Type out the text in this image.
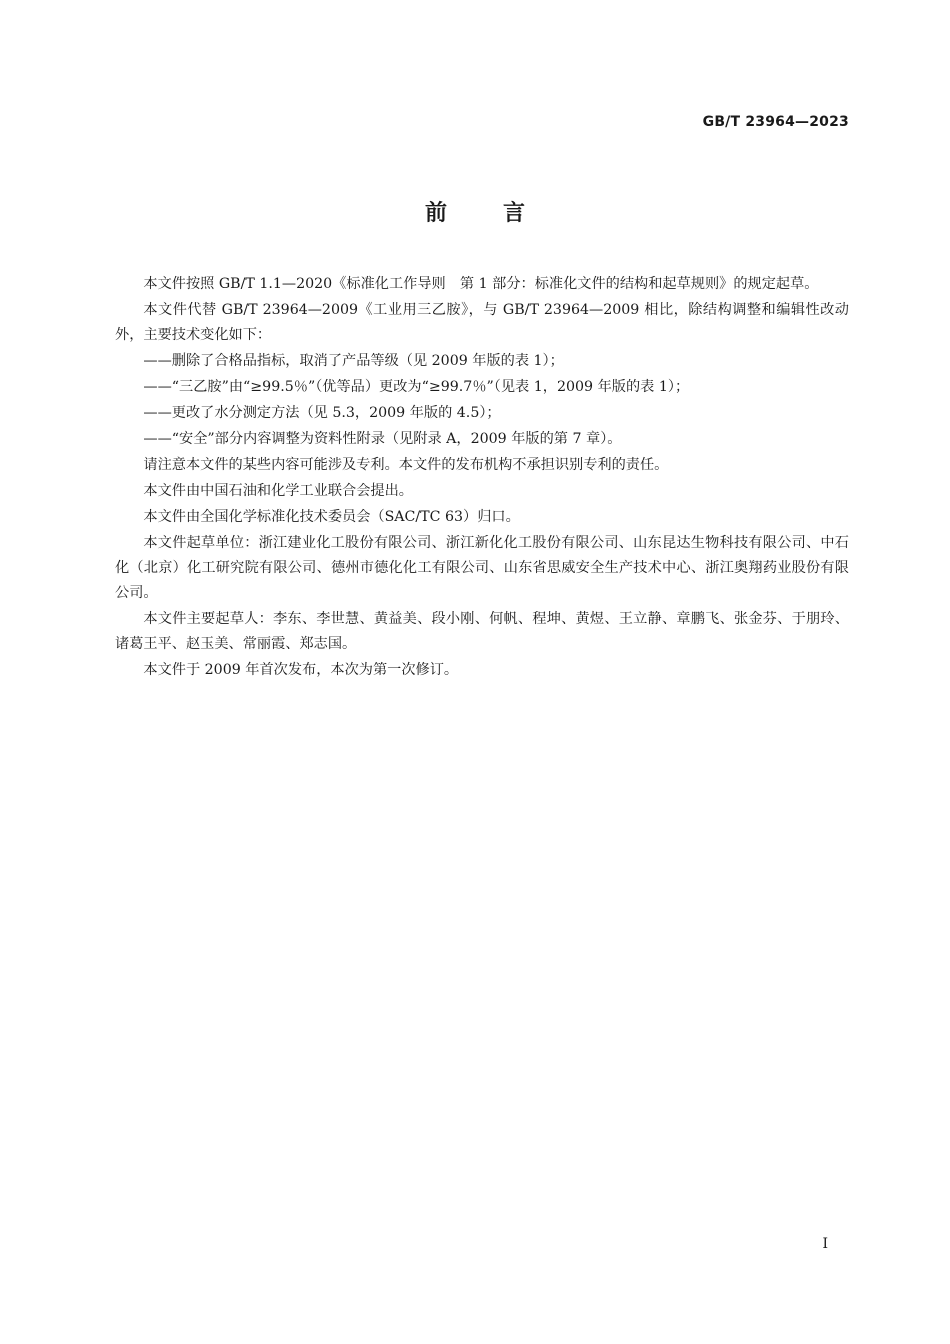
GB/T 23964—2023
前言

本文件按照 GB/T 1.1—2020《标准化工作导则　第 1 部分：标准化文件的结构和起草规则》的规定起草。

本文件代替 GB/T 23964—2009《工业用三乙胺》，与 GB/T 23964—2009 相比，除结构调整和编辑性改动外，主要技术变化如下：

——删除了合格品指标，取消了产品等级（见 2009 年版的表 1）；

——“三乙胺”由“≥99.5％”（优等品）更改为“≥99.7％”（见表 1，2009 年版的表 1）；

——更改了水分测定方法（见 5.3，2009 年版的 4.5）；

——“安全”部分内容调整为资料性附录（见附录 A，2009 年版的第 7 章）。

请注意本文件的某些内容可能涉及专利。本文件的发布机构不承担识别专利的责任。

本文件由中国石油和化学工业联合会提出。

本文件由全国化学标准化技术委员会（SAC/TC 63）归口。

本文件起草单位：浙江建业化工股份有限公司、浙江新化化工股份有限公司、山东昆达生物科技有限公司、中石化（北京）化工研究院有限公司、德州市德化化工有限公司、山东省思威安全生产技术中心、浙江奥翔药业股份有限公司。

本文件主要起草人：李东、李世慧、黄益美、段小刚、何帆、程坤、黄煜、王立静、章鹏飞、张金芬、于朋玲、诸葛王平、赵玉美、常丽霞、郑志国。

本文件于 2009 年首次发布，本次为第一次修订。

I
